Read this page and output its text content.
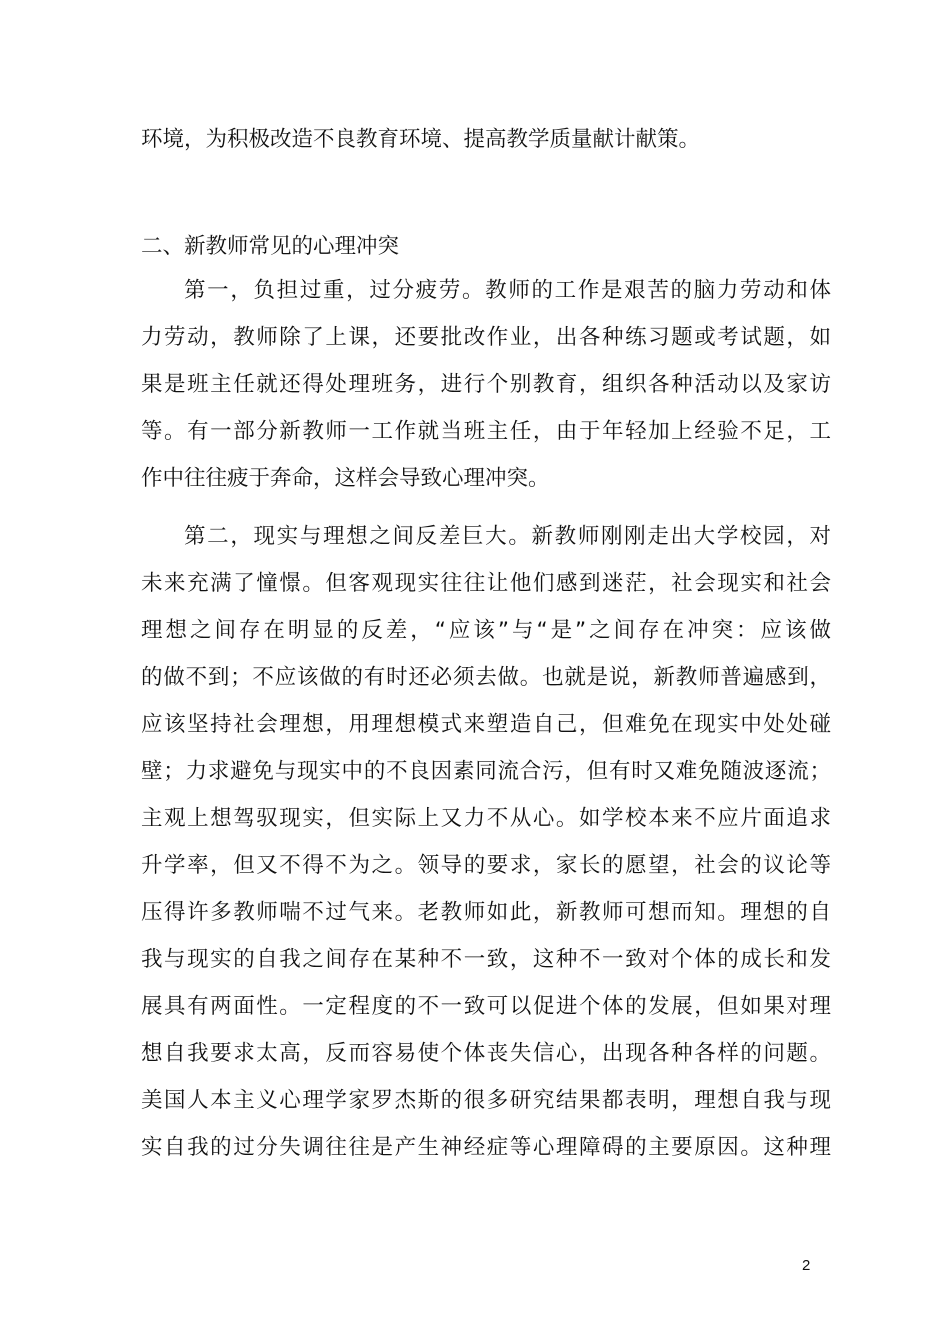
环境，为积极改造不良教育环境、提高教学质量献计献策。
二、新教师常见的心理冲突
第一，负担过重，过分疲劳。教师的工作是艰苦的脑力劳动和体
力劳动，教师除了上课，还要批改作业，出各种练习题或考试题，如
果是班主任就还得处理班务，进行个别教育，组织各种活动以及家访
等。有一部分新教师一工作就当班主任，由于年轻加上经验不足，工
作中往往疲于奔命，这样会导致心理冲突。
第二，现实与理想之间反差巨大。新教师刚刚走出大学校园，对
未来充满了憧憬。但客观现实往往让他们感到迷茫，社会现实和社会
理想之间存在明显的反差，“应该”与“是”之间存在冲突：应该做
的做不到；不应该做的有时还必须去做。也就是说，新教师普遍感到，
应该坚持社会理想，用理想模式来塑造自己，但难免在现实中处处碰
壁；力求避免与现实中的不良因素同流合污，但有时又难免随波逐流；
主观上想驾驭现实，但实际上又力不从心。如学校本来不应片面追求
升学率，但又不得不为之。领导的要求，家长的愿望，社会的议论等
压得许多教师喘不过气来。老教师如此，新教师可想而知。理想的自
我与现实的自我之间存在某种不一致，这种不一致对个体的成长和发
展具有两面性。一定程度的不一致可以促进个体的发展，但如果对理
想自我要求太高，反而容易使个体丧失信心，出现各种各样的问题。
美国人本主义心理学家罗杰斯的很多研究结果都表明，理想自我与现
实自我的过分失调往往是产生神经症等心理障碍的主要原因。这种理
2
